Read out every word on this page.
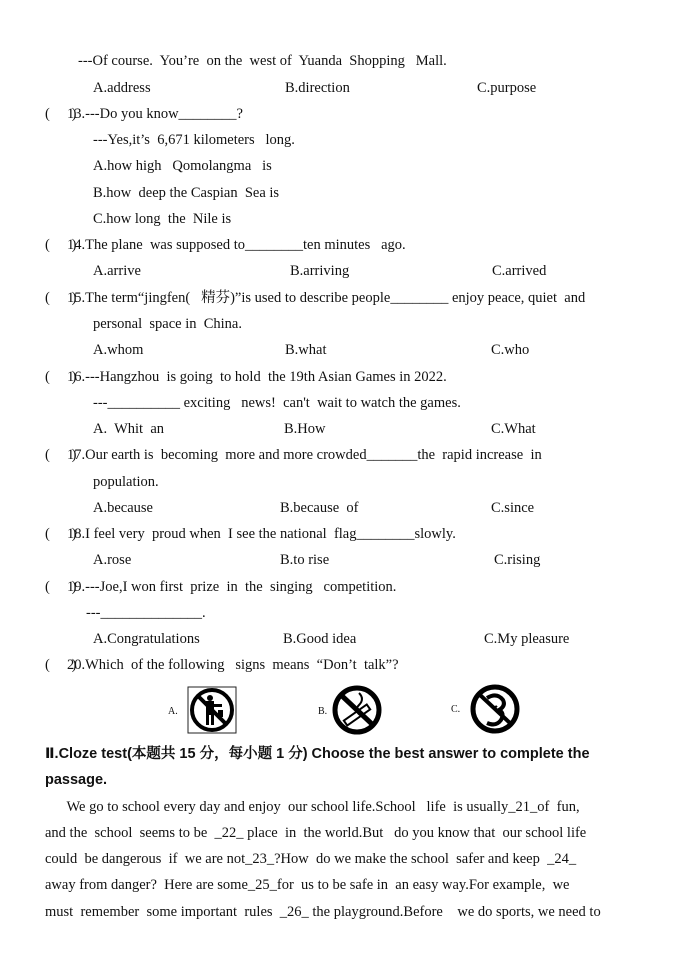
---Of course.  You’re  on the  west of  Yuanda  Shopping   Mall.
A.address	B.direction	C.purpose
(      )
13.---Do you know________?
---Yes,it’s  6,671 kilometers   long.
A.how high   Qomolangma   is
B.how  deep the Caspian  Sea is
C.how long  the  Nile is
(      )
14.The plane  was supposed to________ten minutes   ago.
A.arrive	B.arriving	C.arrived
(      )
15.The term“jingfen(   精芬)”is used to describe people________ enjoy peace, quiet  and
personal  space in  China.
A.whom	B.what	C.who
(      )
16.---Hangzhou  is going  to hold  the 19th Asian Games in 2022.
---__________ exciting   news!  can't  wait to watch the games.
A.  Whit  an	B.How	C.What
(      )
17.Our earth is  becoming  more and more crowded_______the  rapid increase  in
population.
A.because	B.because  of	C.since
(      )
18.I feel very  proud when  I see the national  flag________slowly.
A.rose	B.to rise	C.rising
(      )
19.---Joe,I won first  prize  in  the  singing   competition.
---______________.
A.Congratulations	B.Good idea	C.My pleasure
(      )
20.Which  of the following   signs  means  “Don’t  talk”?
A.	B.	C.
Ⅱ.Cloze test(本题共 15 分，每小题 1 分) Choose the best answer to complete the
passage.
We go to school every day and enjoy  our school life.School   life  is usually_21_of  fun,
and the  school  seems to be  _22_ place  in  the world.But   do you know that  our school life
could  be dangerous  if  we are not_23_?How  do we make the school  safer and keep  _24_
away from danger?  Here are some_25_for  us to be safe in  an easy way.For example,  we
must  remember  some important  rules  _26_ the playground.Before    we do sports, we need to
